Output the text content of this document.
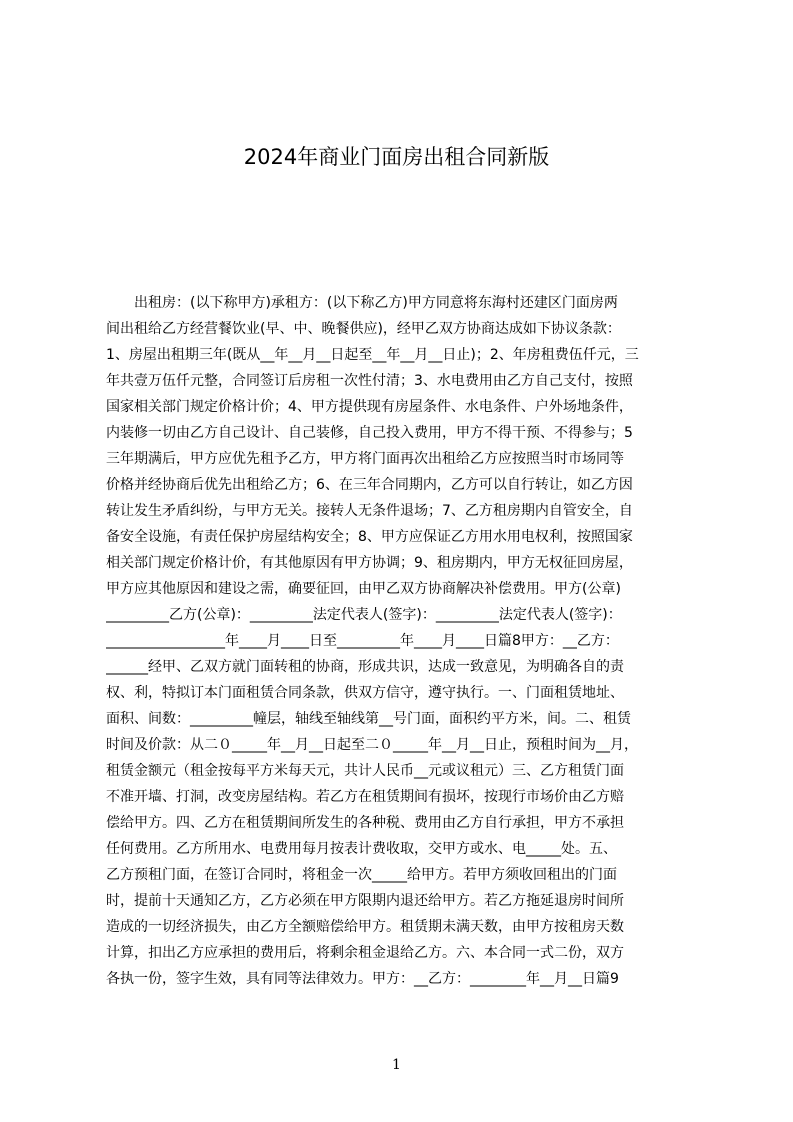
2024年商业门面房出租合同新版
　　出租房：(以下称甲方)承租方：(以下称乙方)甲方同意将东海村还建区门面房两
间出租给乙方经营餐饮业(早、中、晚餐供应)，经甲乙双方协商达成如下协议条款：
1、房屋出租期三年(既从__年__月__日起至__年__月__日止)；2、年房租费伍仟元，三
年共壹万伍仟元整，合同签订后房租一次性付清；3、水电费用由乙方自己支付，按照
国家相关部门规定价格计价；4、甲方提供现有房屋条件、水电条件、户外场地条件，
内装修一切由乙方自己设计、自己装修，自己投入费用，甲方不得干预、不得参与；5
三年期满后，甲方应优先租予乙方，甲方将门面再次出租给乙方应按照当时市场同等
价格并经协商后优先出租给乙方；6、在三年合同期内，乙方可以自行转让，如乙方因
转让发生矛盾纠纷，与甲方无关。接转人无条件退场；7、乙方租房期内自管安全，自
备安全设施，有责任保护房屋结构安全；8、甲方应保证乙方用水用电权利，按照国家
相关部门规定价格计价，有其他原因有甲方协调；9、租房期内，甲方无权征回房屋，
甲方应其他原因和建设之需，确要征回，由甲乙双方协商解决补偿费用。甲方(公章)
_________乙方(公章)：_________法定代表人(签字)：_________法定代表人(签字)：
_________________年____月____日至_________年____月____日篇8甲方：__乙方：
______经甲、乙双方就门面转租的协商，形成共识，达成一致意见，为明确各自的责
权、利，特拟订本门面租赁合同条款，供双方信守，遵守执行。一、门面租赁地址、
面积、间数：_________幢层，轴线至轴线第__号门面，面积约平方米，间。二、租赁
时间及价款：从二０_____年__月__日起至二０_____年__月__日止，预租时间为__月，
租赁金额元（租金按每平方米每天元，共计人民币__元或议租元）三、乙方租赁门面
不准开墙、打洞，改变房屋结构。若乙方在租赁期间有损坏，按现行市场价由乙方赔
偿给甲方。四、乙方在租赁期间所发生的各种税、费用由乙方自行承担，甲方不承担
任何费用。乙方所用水、电费用每月按表计费收取，交甲方或水、电_____处。五、
乙方预租门面，在签订合同时，将租金一次_____给甲方。若甲方须收回租出的门面
时，提前十天通知乙方，乙方必须在甲方限期内退还给甲方。若乙方拖延退房时间所
造成的一切经济损失，由乙方全额赔偿给甲方。租赁期未满天数，由甲方按租房天数
计算，扣出乙方应承担的费用后，将剩余租金退给乙方。六、本合同一式二份，双方
各执一份，签字生效，具有同等法律效力。甲方：__乙方：________年__月__日篇9
1
